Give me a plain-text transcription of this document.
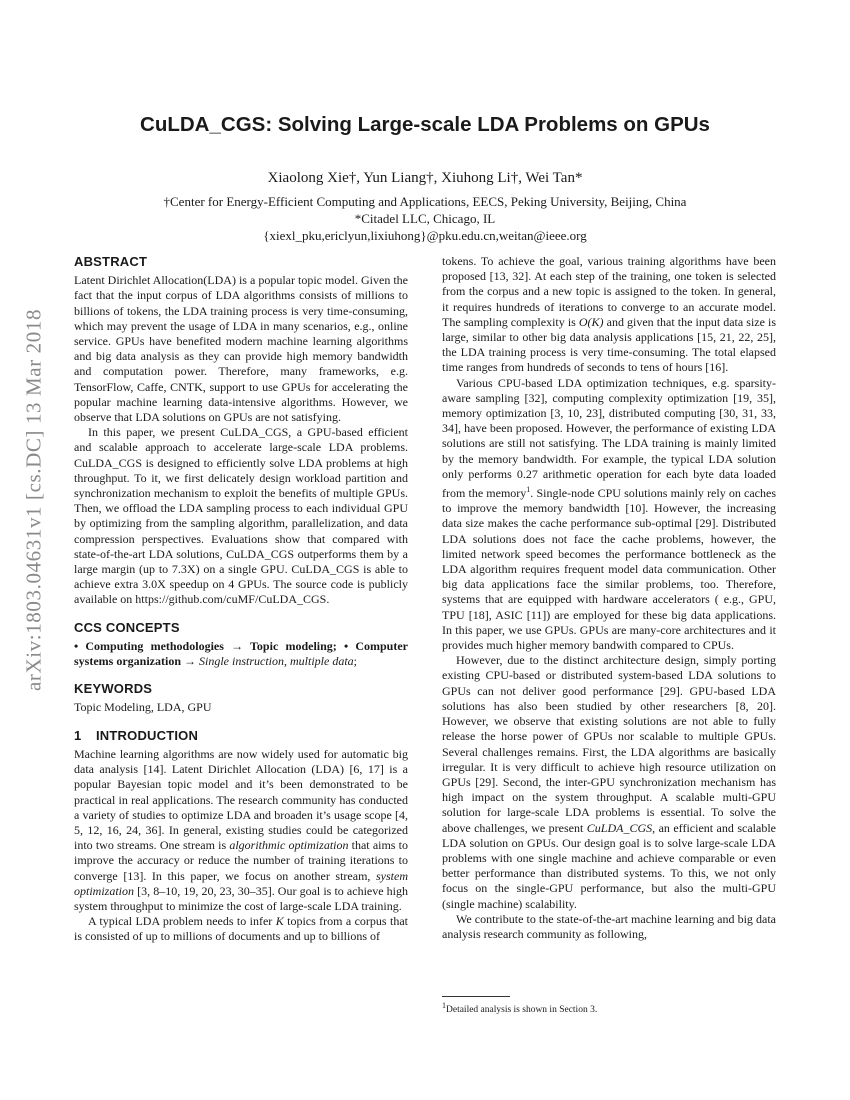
arXiv:1803.04631v1 [cs.DC] 13 Mar 2018
CuLDA_CGS: Solving Large-scale LDA Problems on GPUs
Xiaolong Xie†, Yun Liang†, Xiuhong Li†, Wei Tan*
†Center for Energy-Efficient Computing and Applications, EECS, Peking University, Beijing, China
*Citadel LLC, Chicago, IL
{xiexl_pku,ericlyun,lixiuhong}@pku.edu.cn,weitan@ieee.org
ABSTRACT

Latent Dirichlet Allocation(LDA) is a popular topic model. Given the fact that the input corpus of LDA algorithms consists of millions to billions of tokens, the LDA training process is very time-consuming, which may prevent the usage of LDA in many scenarios, e.g., online service. GPUs have benefited modern machine learning algorithms and big data analysis as they can provide high memory bandwidth and computation power. Therefore, many frameworks, e.g. TensorFlow, Caffe, CNTK, support to use GPUs for accelerating the popular machine learning data-intensive algorithms. However, we observe that LDA solutions on GPUs are not satisfying.

In this paper, we present CuLDA_CGS, a GPU-based efficient and scalable approach to accelerate large-scale LDA problems. CuLDA_CGS is designed to efficiently solve LDA problems at high throughput. To it, we first delicately design workload partition and synchronization mechanism to exploit the benefits of multiple GPUs. Then, we offload the LDA sampling process to each individual GPU by optimizing from the sampling algorithm, parallelization, and data compression perspectives. Evaluations show that compared with state-of-the-art LDA solutions, CuLDA_CGS outperforms them by a large margin (up to 7.3X) on a single GPU. CuLDA_CGS is able to achieve extra 3.0X speedup on 4 GPUs. The source code is publicly available on https://github.com/cuMF/CuLDA_CGS.

CCS CONCEPTS

• Computing methodologies → Topic modeling; • Computer systems organization → Single instruction, multiple data;

KEYWORDS

Topic Modeling, LDA, GPU

1 INTRODUCTION

Machine learning algorithms are now widely used for automatic big data analysis [14]. Latent Dirichlet Allocation (LDA) [6, 17] is a popular Bayesian topic model and it’s been demonstrated to be practical in real applications. The research community has conducted a variety of studies to optimize LDA and broaden it’s usage scope [4, 5, 12, 16, 24, 36]. In general, existing studies could be categorized into two streams. One stream is algorithmic optimization that aims to improve the accuracy or reduce the number of training iterations to converge [13]. In this paper, we focus on another stream, system optimization [3, 8–10, 19, 20, 23, 30–35]. Our goal is to achieve high system throughput to minimize the cost of large-scale LDA training.

A typical LDA problem needs to infer K topics from a corpus that is consisted of up to millions of documents and up to billions of

tokens. To achieve the goal, various training algorithms have been proposed [13, 32]. At each step of the training, one token is selected from the corpus and a new topic is assigned to the token. In general, it requires hundreds of iterations to converge to an accurate model. The sampling complexity is O(K) and given that the input data size is large, similar to other big data analysis applications [15, 21, 22, 25], the LDA training process is very time-consuming. The total elapsed time ranges from hundreds of seconds to tens of hours [16].

Various CPU-based LDA optimization techniques, e.g. sparsity-aware sampling [32], computing complexity optimization [19, 35], memory optimization [3, 10, 23], distributed computing [30, 31, 33, 34], have been proposed. However, the performance of existing LDA solutions are still not satisfying. The LDA training is mainly limited by the memory bandwidth. For example, the typical LDA solution only performs 0.27 arithmetic operation for each byte data loaded from the memory$^1$. Single-node CPU solutions mainly rely on caches to improve the memory bandwidth [10]. However, the increasing data size makes the cache performance sub-optimal [29]. Distributed LDA solutions does not face the cache problems, however, the limited network speed becomes the performance bottleneck as the LDA algorithm requires frequent model data communication. Other big data applications face the similar problems, too. Therefore, systems that are equipped with hardware accelerators ( e.g., GPU, TPU [18], ASIC [11]) are employed for these big data applications. In this paper, we use GPUs. GPUs are many-core architectures and it provides much higher memory bandwith compared to CPUs.

However, due to the distinct architecture design, simply porting existing CPU-based or distributed system-based LDA solutions to GPUs can not deliver good performance [29]. GPU-based LDA solutions has also been studied by other researchers [8, 20]. However, we observe that existing solutions are not able to fully release the horse power of GPUs nor scalable to multiple GPUs. Several challenges remains. First, the LDA algorithms are basically irregular. It is very difficult to achieve high resource utilization on GPUs [29]. Second, the inter-GPU synchronization mechanism has high impact on the system throughput. A scalable multi-GPU solution for large-scale LDA problems is essential. To solve the above challenges, we present CuLDA_CGS, an efficient and scalable LDA solution on GPUs. Our design goal is to solve large-scale LDA problems with one single machine and achieve comparable or even better performance than distributed systems. To this, we not only focus on the single-GPU performance, but also the multi-GPU (single machine) scalability.

We contribute to the state-of-the-art machine learning and big data analysis research community as following,

$^1$Detailed analysis is shown in Section 3.
